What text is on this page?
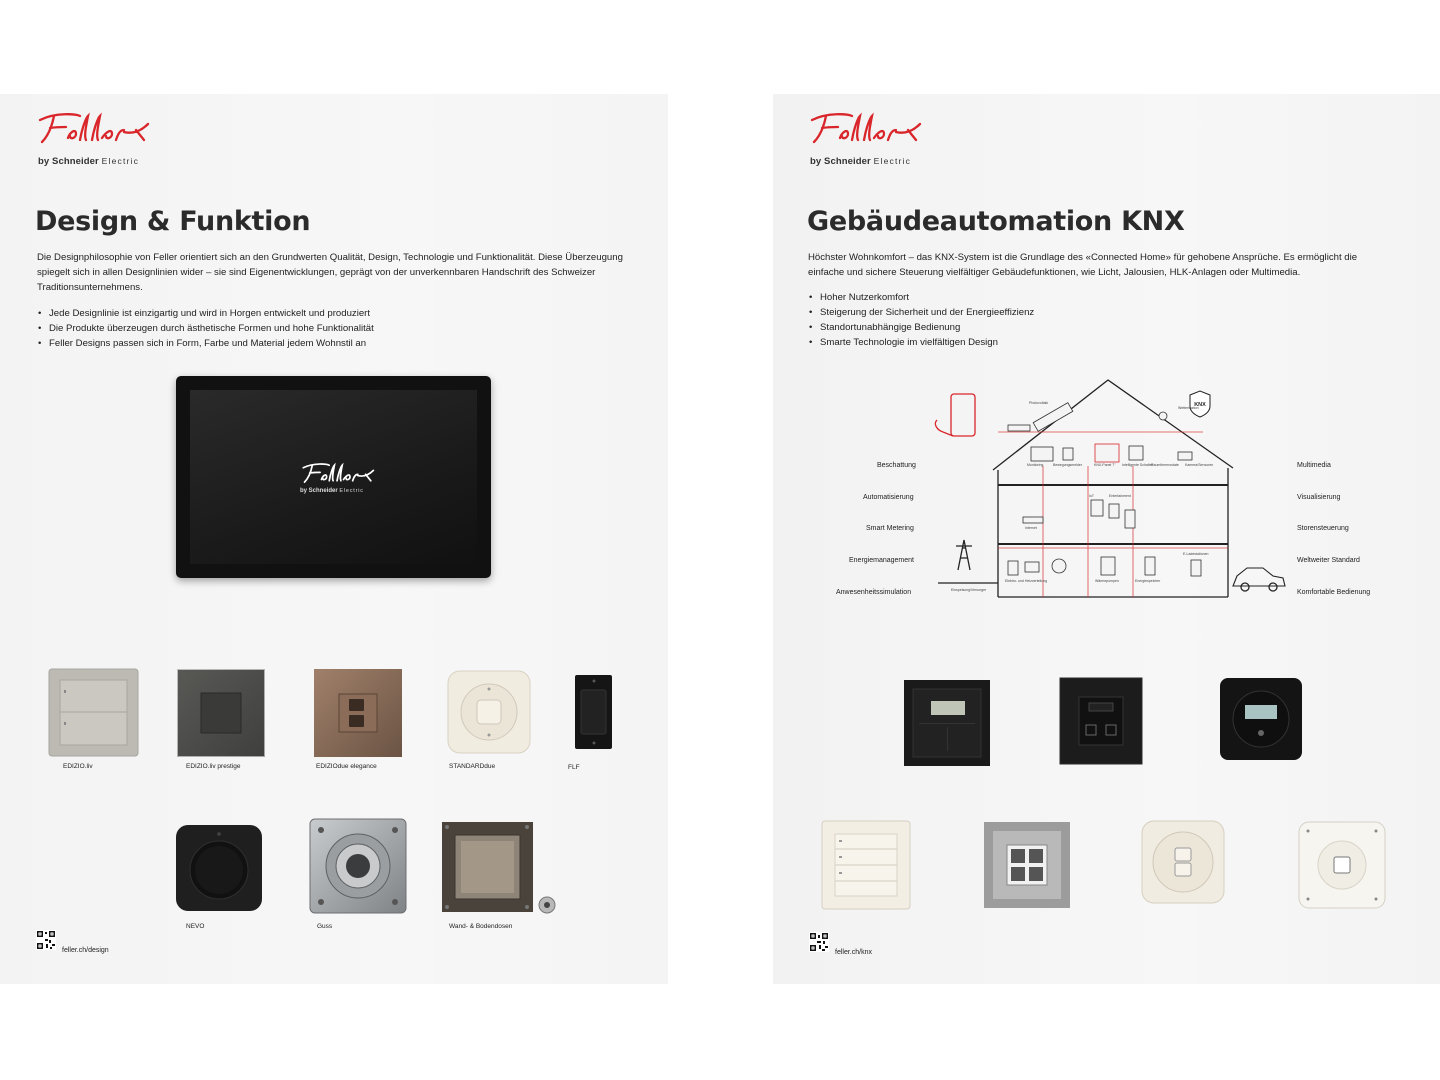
by Schneider Electric
Design & Funktion
Die Designphilosophie von Feller orientiert sich an den Grundwerten Qualität, Design, Technologie und Funktionalität. Diese Überzeugung spiegelt sich in allen Designlinien wider – sie sind Eigenentwicklungen, geprägt von der unverkennbaren Handschrift des Schweizer Traditionsunternehmens.
• Jede Designlinie ist einzigartig und wird in Horgen entwickelt und produziert
• Die Produkte überzeugen durch ästhetische Formen und hohe Funktionalität
• Feller Designs passen sich in Form, Farbe und Material jedem Wohnstil an
by Schneider Electric
EDIZIO.liv	EDIZIO.liv prestige	EDIZIOdue elegance	STANDARDdue	FLF
NEVO	Guss	Wand- & Bodendosen
feller.ch/design
by Schneider Electric
Gebäudeautomation KNX
Höchster Wohnkomfort – das KNX-System ist die Grundlage des «Connected Home» für gehobene Ansprüche. Es ermöglicht die einfache und sichere Steuerung vielfältiger Gebäudefunktionen, wie Licht, Jalousien, HLK-Anlagen oder Multimedia.
• Hoher Nutzerkomfort
• Steigerung der Sicherheit und der Energieeffizienz
• Standortunabhängige Bedienung
• Smarte Technologie im vielfältigen Design
KNX
Beschattung
Automatisierung
Smart Metering
Energiemanagement
Anwesenheitssimulation
Multimedia
Visualisierung
Storensteuerung
Weltweiter Standard
Komfortable Bedienung
Photovoltaik
Wetterstation
Monitoring	Bewegungsmelder	KNX-Panel 7" Intelligente Schalter
Raumthermostate Kamera/Sensoren
Internet
IoT	Entertainment
E-Ladestationen
Einspeisung/Versorger
Elektro- und Heizverteilung	Wärmepumpen	Energiespeicher
feller.ch/knx
